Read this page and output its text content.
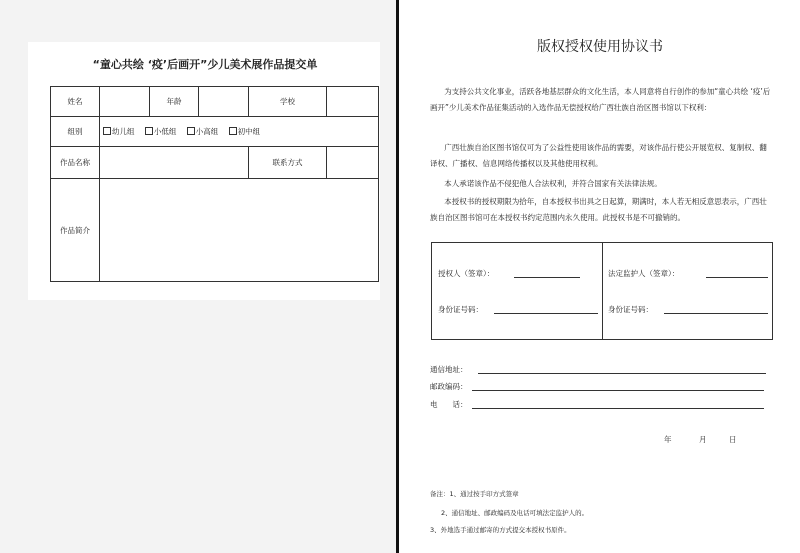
“童心共绘 ‘疫’后画开”少儿美术展作品提交单
姓名		年龄		学校	
组别	幼儿组 小低组 小高组 初中组				
作品名称				联系方式	
作品简介					
版权授权使用协议书
为支持公共文化事业，活跃各地基层群众的文化生活，本人同意将自行创作的参加“童心共绘 ‘疫’后画开”少儿美术作品征集活动的入选作品无偿授权给广西壮族自治区图书馆以下权利：
广西壮族自治区图书馆仅可为了公益性使用该作品的需要，对该作品行使公开展览权、复制权、翻译权、广播权、信息网络传播权以及其他使用权利。
本人承诺该作品不侵犯他人合法权利，并符合国家有关法律法规。
本授权书的授权期限为拾年，自本授权书出具之日起算，期满时，本人若无相反意思表示，广西壮族自治区图书馆可在本授权书约定范围内永久使用。此授权书是不可撤销的。
授权人（签章）：	法定监护人（签章）：
身份证号码：	身份证号码：
通信地址：
邮政编码：
电　　话：
年	月	日
备注：1、通过按手印方式签章
2、通信地址、邮政编码及电话可填法定监护人的。
3、外地选手通过邮寄的方式提交本授权书原件。
